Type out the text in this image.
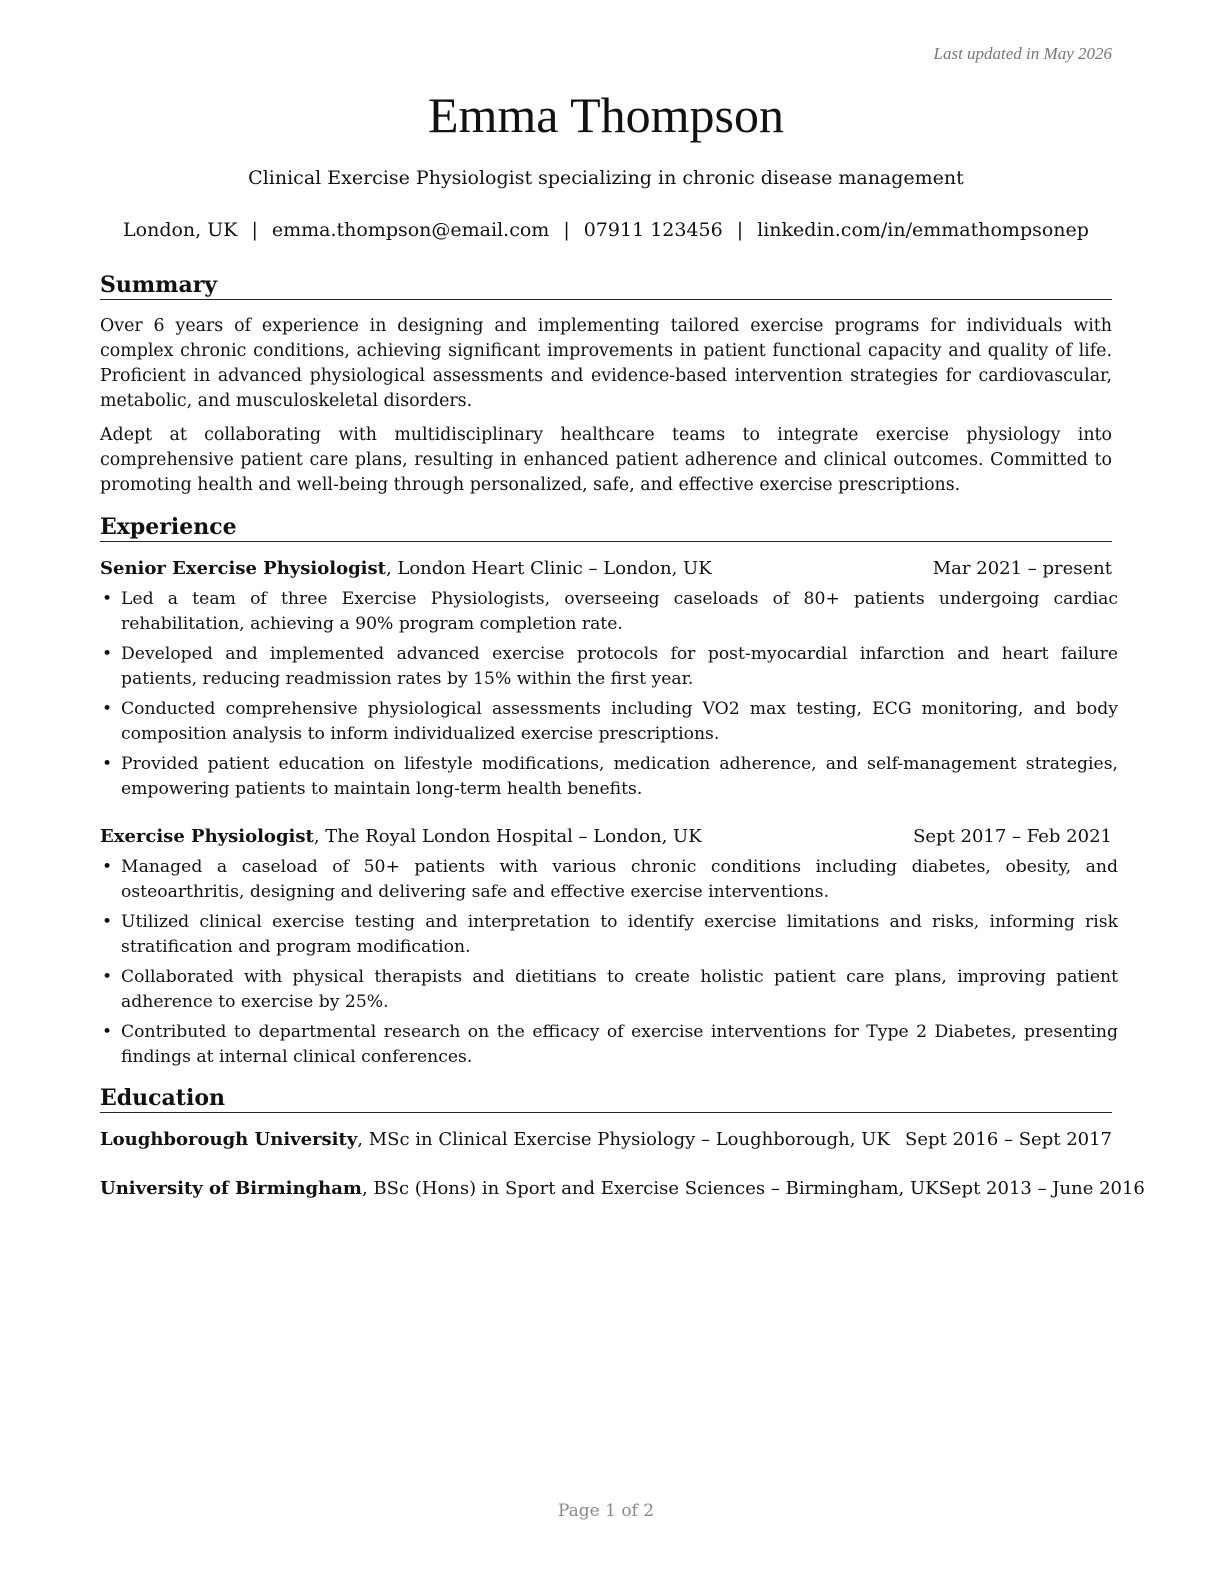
Last updated in May 2026
Emma Thompson
Clinical Exercise Physiologist specializing in chronic disease management
London, UK | emma.thompson@email.com | 07911 123456 | linkedin.com/in/emmathompsonep
Summary

Over 6 years of experience in designing and implementing tailored exercise programs for individuals with complex chronic conditions, achieving significant improvements in patient functional capacity and quality of life. Proficient in advanced physiological assessments and evidence-based intervention strategies for cardiovascular, metabolic, and musculoskeletal disorders.

Adept at collaborating with multidisciplinary healthcare teams to integrate exercise physiology into comprehensive patient care plans, resulting in enhanced patient adherence and clinical outcomes. Committed to promoting health and well-being through personalized, safe, and effective exercise prescriptions.

Experience
Senior Exercise Physiologist, London Heart Clinic – London, UK	Mar 2021 – present
• Led a team of three Exercise Physiologists, overseeing caseloads of 80+ patients undergoing cardiac rehabilitation, achieving a 90% program completion rate.
• Developed and implemented advanced exercise protocols for post-myocardial infarction and heart failure patients, reducing readmission rates by 15% within the first year.
• Conducted comprehensive physiological assessments including VO2 max testing, ECG monitoring, and body composition analysis to inform individualized exercise prescriptions.
• Provided patient education on lifestyle modifications, medication adherence, and self-management strategies, empowering patients to maintain long-term health benefits.
Exercise Physiologist, The Royal London Hospital – London, UK	Sept 2017 – Feb 2021
• Managed a caseload of 50+ patients with various chronic conditions including diabetes, obesity, and osteoarthritis, designing and delivering safe and effective exercise interventions.
• Utilized clinical exercise testing and interpretation to identify exercise limitations and risks, informing risk stratification and program modification.
• Collaborated with physical therapists and dietitians to create holistic patient care plans, improving patient adherence to exercise by 25%.
• Contributed to departmental research on the efficacy of exercise interventions for Type 2 Diabetes, presenting findings at internal clinical conferences.
Education
Loughborough University, MSc in Clinical Exercise Physiology – Loughborough, UK Sept 2016 – Sept 2017
University of Birmingham, BSc (Hons) in Sport and Exercise Sciences – Birmingham, UK Sept 2013 – June 2016
Page 1 of 2
